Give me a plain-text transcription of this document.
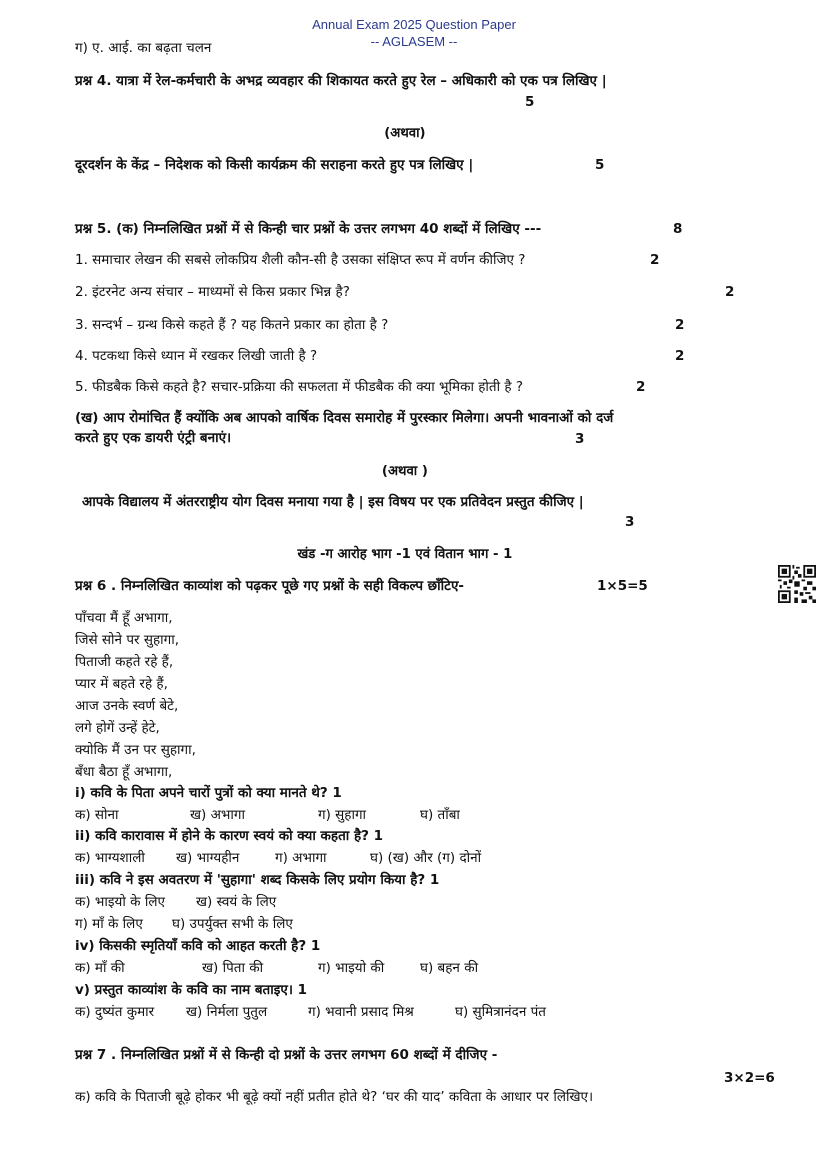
Annual Exam 2025 Question Paper
-- AGLASEM --
ग) ए. आई. का बढ़ता चलन
प्रश्न 4. यात्रा में रेल-कर्मचारी के अभद्र व्यवहार की शिकायत करते हुए रेल – अधिकारी को एक पत्र लिखिए |
5
(अथवा)
दूरदर्शन के केंद्र – निदेशक को किसी कार्यक्रम की सराहना करते हुए पत्र लिखिए |	5
प्रश्न 5. (क) निम्नलिखित प्रश्नों में से किन्ही चार प्रश्नों के उत्तर लगभग 40 शब्दों में लिखिए ---	8
1. समाचार लेखन की सबसे लोकप्रिय शैली कौन-सी है उसका संक्षिप्त रूप में वर्णन कीजिए ?	2
2. इंटरनेट अन्य संचार – माध्यमों से किस प्रकार भिन्न है?	2
3. सन्दर्भ – ग्रन्थ किसे कहते हैं ? यह कितने प्रकार का होता है ?	2
4. पटकथा किसे ध्यान में रखकर लिखी जाती है ?	2
5. फीडबैक किसे कहते है? सचार-प्रक्रिया की सफलता में फीडबैक की क्या भूमिका होती है ?	2
(ख) आप रोमांचित हैं क्योंकि अब आपको वार्षिक दिवस समारोह में पुरस्कार मिलेगा। अपनी भावनाओं को दर्ज
करते हुए एक डायरी एंट्री बनाएं।	3
(अथवा )
आपके विद्यालय में अंतरराष्ट्रीय योग दिवस मनाया गया है | इस विषय पर एक प्रतिवेदन प्रस्तुत कीजिए |
3
खंड -ग आरोह भाग -1 एवं वितान भाग - 1
प्रश्न 6 . निम्नलिखित काव्यांश को पढ़कर पूछे गए प्रश्नों के सही विकल्प छाँटिए-	1×5=5
पाँचवा मैं हूँ अभागा,
जिसे सोने पर सुहागा,
पिताजी कहते रहे हैं,
प्यार में बहते रहे हैं,
आज उनके स्वर्ण बेटे,
लगे होगें उन्हें हेटे,
क्योकि मैं उन पर सुहागा,
बँधा बैठा हूँ अभागा,
i) कवि के पिता अपने चारों पुत्रों को क्या मानते थे? 1
क) सोना	ख) अभागा	ग) सुहागा	घ) ताँबा
ii) कवि कारावास में होने के कारण स्वयं को क्या कहता है? 1
क) भाग्यशाली ख) भाग्यहीन	ग) अभागा	घ) (ख) और (ग) दोनों
iii) कवि ने इस अवतरण में 'सुहागा' शब्द किसके लिए प्रयोग किया है? 1
क) भाइयो के लिए ख) स्वयं के लिए
ग) माँ के लिए घ) उपर्युक्त सभी के लिए
iv) किसकी स्मृतियाँ कवि को आहत करती है? 1
क) माँ की	ख) पिता की	ग) भाइयो की	घ) बहन की
v) प्रस्तुत काव्यांश के कवि का नाम बताइए। 1
क) दुष्यंत कुमार ख) निर्मला पुतुल	ग) भवानी प्रसाद मिश्र	घ) सुमित्रानंदन पंत
प्रश्न 7 . निम्नलिखित प्रश्नों में से किन्ही दो प्रश्नों के उत्तर लगभग 60 शब्दों में दीजिए -
3×2=6
क) कवि के पिताजी बूढ़े होकर भी बूढ़े क्यों नहीं प्रतीत होते थे? ‘घर की याद’ कविता के आधार पर लिखिए।
